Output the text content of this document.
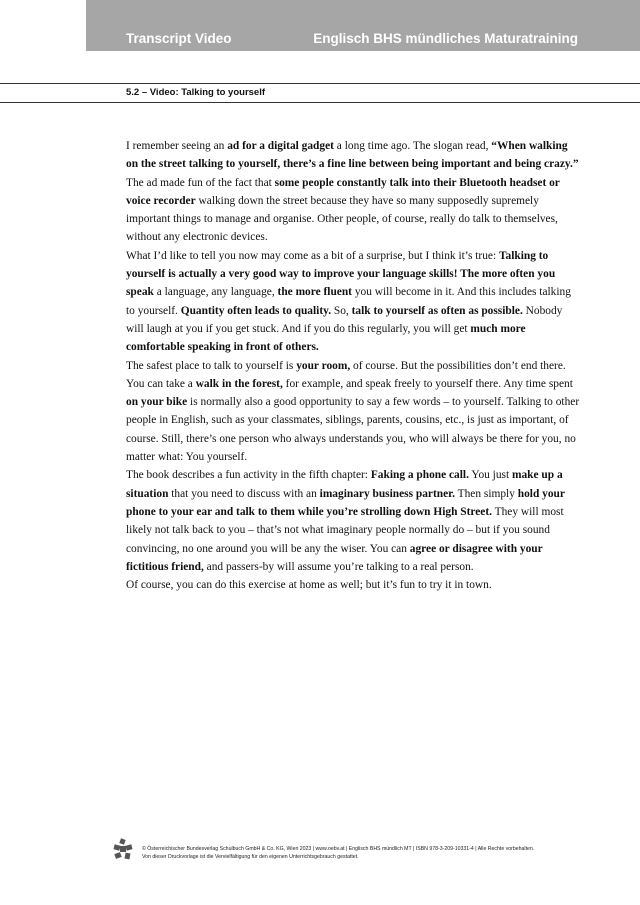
Transcript Video	Englisch BHS mündliches Maturatraining
5.2 – Video: Talking to yourself

I remember seeing an ad for a digital gadget a long time ago. The slogan read, “When walking on the street talking to yourself, there’s a fine line between being important and being crazy.” The ad made fun of the fact that some people constantly talk into their Bluetooth headset or voice recorder walking down the street because they have so many supposedly supremely important things to manage and organise. Other people, of course, really do talk to themselves, without any electronic devices.

What I’d like to tell you now may come as a bit of a surprise, but I think it’s true: Talking to yourself is actually a very good way to improve your language skills! The more often you speak a language, any language, the more fluent you will become in it. And this includes talking to yourself. Quantity often leads to quality. So, talk to yourself as often as possible. Nobody will laugh at you if you get stuck. And if you do this regularly, you will get much more comfortable speaking in front of others.

The safest place to talk to yourself is your room, of course. But the possibilities don’t end there. You can take a walk in the forest, for example, and speak freely to yourself there. Any time spent on your bike is normally also a good opportunity to say a few words – to yourself. Talking to other people in English, such as your classmates, siblings, parents, cousins, etc., is just as important, of course. Still, there’s one person who always understands you, who will always be there for you, no matter what: You yourself.

The book describes a fun activity in the fifth chapter: Faking a phone call. You just make up a situation that you need to discuss with an imaginary business partner. Then simply hold your phone to your ear and talk to them while you’re strolling down High Street. They will most likely not talk back to you – that’s not what imaginary people normally do – but if you sound convincing, no one around you will be any the wiser. You can agree or disagree with your fictitious friend, and passers-by will assume you’re talking to a real person.

Of course, you can do this exercise at home as well; but it’s fun to try it in town.

© Österreichischer Bundesverlag Schulbuch GmbH & Co. KG, Wien 2023 | www.oebv.at | Englisch BHS mündlich MT | ISBN 978-3-209-10331-4 | Alle Rechte vorbehalten.
Von dieser Druckvorlage ist die Vervielfältigung für den eigenen Unterrichtsgebrauch gestattet.
